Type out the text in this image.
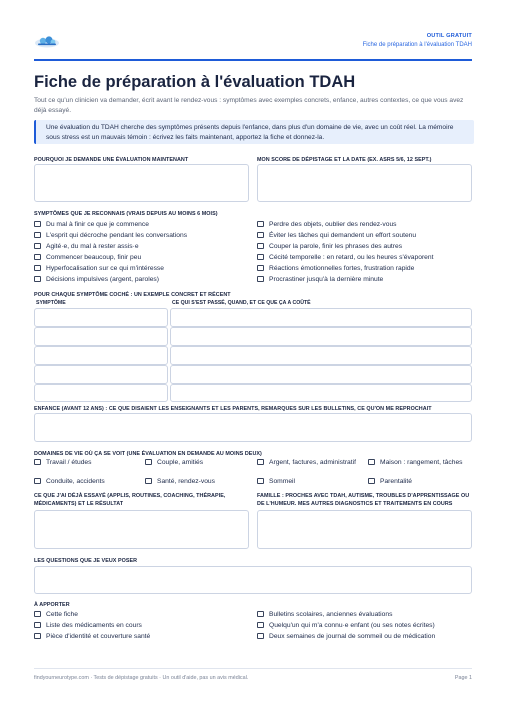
OUTIL GRATUIT
Fiche de préparation à l'évaluation TDAH
Fiche de préparation à l'évaluation TDAH
Tout ce qu'un clinicien va demander, écrit avant le rendez-vous : symptômes avec exemples concrets, enfance, autres contextes, ce que vous avez déjà essayé.
Une évaluation du TDAH cherche des symptômes présents depuis l'enfance, dans plus d'un domaine de vie, avec un coût réel. La mémoire sous stress est un mauvais témoin : écrivez les faits maintenant, apportez la fiche et donnez-la.
POURQUOI JE DEMANDE UNE ÉVALUATION MAINTENANT	MON SCORE DE DÉPISTAGE ET LA DATE (EX. ASRS 5/6, 12 SEPT.)
SYMPTÔMES QUE JE RECONNAIS (VRAIS DEPUIS AU MOINS 6 MOIS)
Du mal à finir ce que je commence
L'esprit qui décroche pendant les conversations
Agité·e, du mal à rester assis·e
Commencer beaucoup, finir peu
Hyperfocalisation sur ce qui m'intéresse
Décisions impulsives (argent, paroles)
Perdre des objets, oublier des rendez-vous
Éviter les tâches qui demandent un effort soutenu
Couper la parole, finir les phrases des autres
Cécité temporelle : en retard, ou les heures s'évaporent
Réactions émotionnelles fortes, frustration rapide
Procrastiner jusqu'à la dernière minute
POUR CHAQUE SYMPTÔME COCHÉ : UN EXEMPLE CONCRET ET RÉCENT
SYMPTÔME	CE QUI S'EST PASSÉ, QUAND, ET CE QUE ÇA A COÛTÉ
ENFANCE (AVANT 12 ANS) : CE QUE DISAIENT LES ENSEIGNANTS ET LES PARENTS, REMARQUES SUR LES BULLETINS, CE QU'ON ME REPROCHAIT
DOMAINES DE VIE OÙ ÇA SE VOIT (UNE ÉVALUATION EN DEMANDE AU MOINS DEUX)
Travail / études	Couple, amitiés	Argent, factures, administratif	Maison : rangement, tâches
Conduite, accidents	Santé, rendez-vous	Sommeil	Parentalité
CE QUE J'AI DÉJÀ ESSAYÉ (APPLIS, ROUTINES, COACHING, THÉRAPIE, MÉDICAMENTS) ET LE RÉSULTAT
FAMILLE : PROCHES AVEC TDAH, AUTISME, TROUBLES D'APPRENTISSAGE OU DE L'HUMEUR. MES AUTRES DIAGNOSTICS ET TRAITEMENTS EN COURS
LES QUESTIONS QUE JE VEUX POSER
À APPORTER
Cette fiche
Liste des médicaments en cours
Pièce d'identité et couverture santé
Bulletins scolaires, anciennes évaluations
Quelqu'un qui m'a connu·e enfant (ou ses notes écrites)
Deux semaines de journal de sommeil ou de médication
findyourneurotype.com · Tests de dépistage gratuits · Un outil d'aide, pas un avis médical.	Page 1
